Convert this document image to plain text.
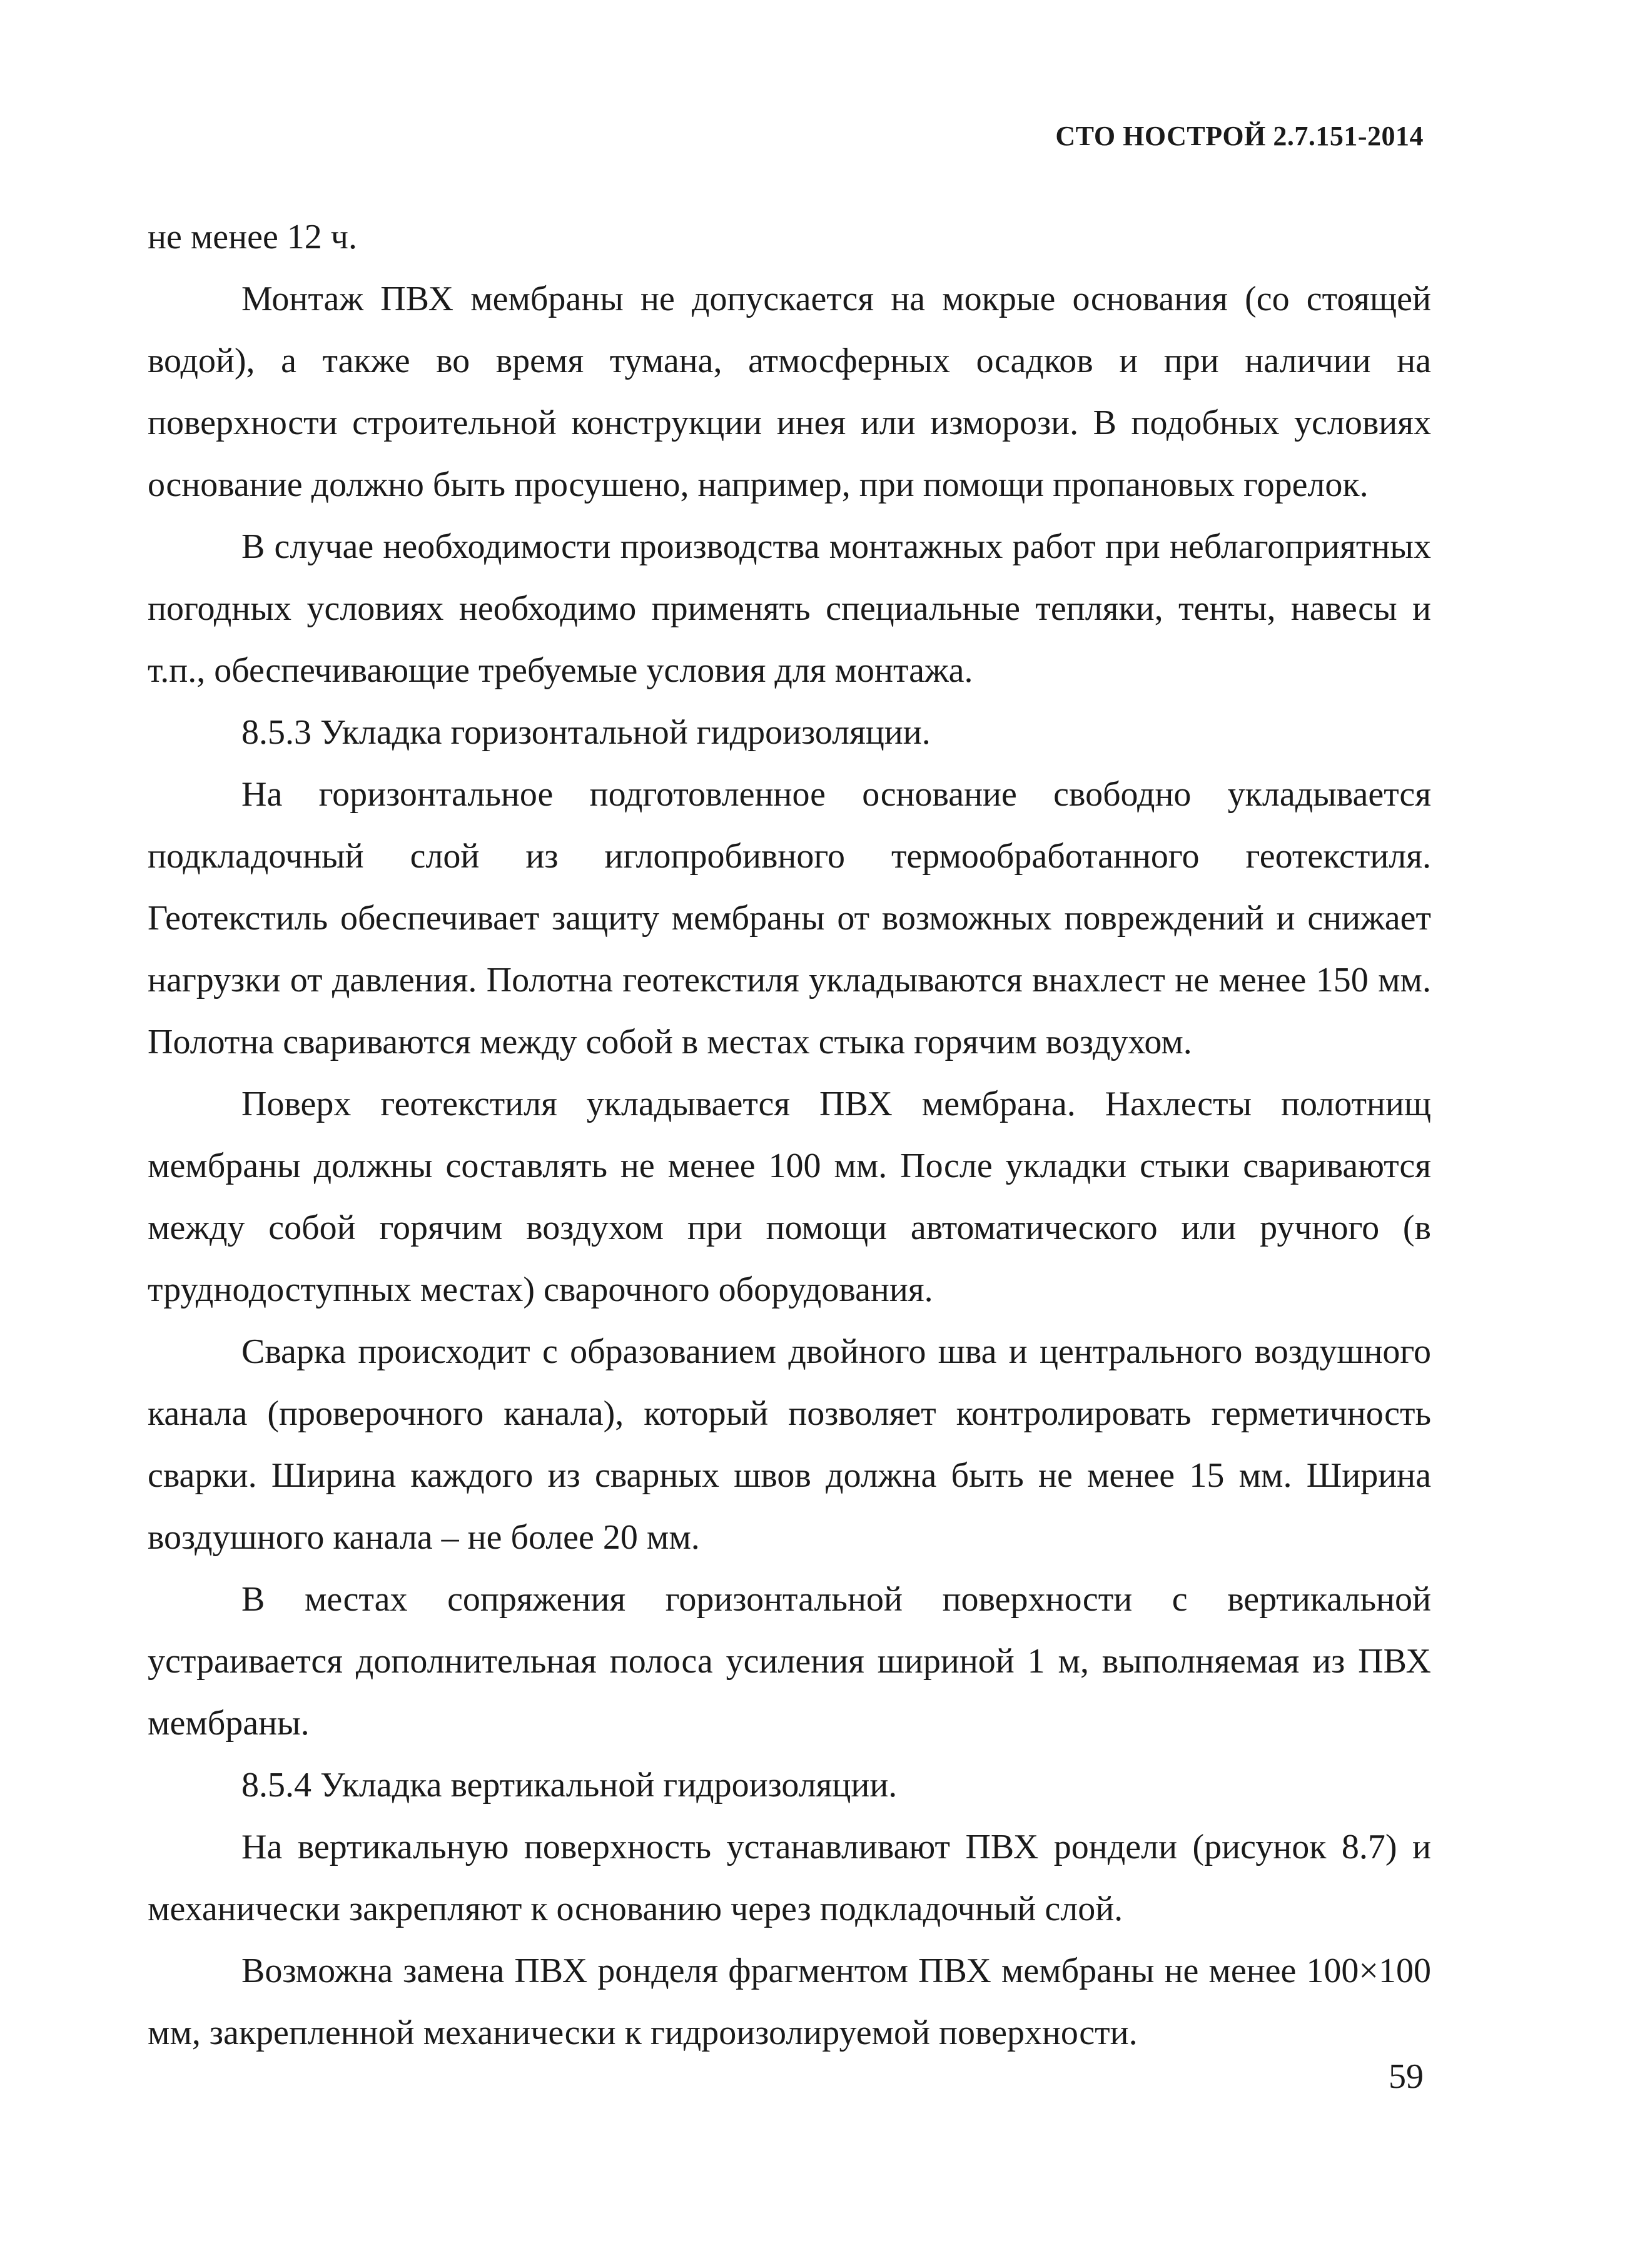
СТО НОСТРОЙ 2.7.151-2014

не менее 12 ч.

Монтаж ПВХ мембраны не допускается на мокрые основания (со стоящей водой), а также во время тумана, атмосферных осадков и при наличии на поверхности строительной конструкции инея или изморози. В подобных условиях основание должно быть просушено, например, при помощи пропановых горелок.

В случае необходимости производства монтажных работ при неблагоприятных погодных условиях необходимо применять специальные тепляки, тенты, навесы и т.п., обеспечивающие требуемые условия для монтажа.

8.5.3 Укладка горизонтальной гидроизоляции.

На горизонтальное подготовленное основание свободно укладывается подкладочный слой из иглопробивного термообработанного геотекстиля. Геотекстиль обеспечивает защиту мембраны от возможных повреждений и снижает нагрузки от давления. Полотна геотекстиля укладываются внахлест не менее 150 мм. Полотна свариваются между собой в местах стыка горячим воздухом.

Поверх геотекстиля укладывается ПВХ мембрана. Нахлесты полотнищ мембраны должны составлять не менее 100 мм. После укладки стыки свариваются между собой горячим воздухом при помощи автоматического или ручного (в труднодоступных местах) сварочного оборудования.

Сварка происходит с образованием двойного шва и центрального воздушного канала (проверочного канала), который позволяет контролировать герметичность сварки. Ширина каждого из сварных швов должна быть не менее 15 мм. Ширина воздушного канала – не более 20 мм.

В местах сопряжения горизонтальной поверхности с вертикальной устраивается дополнительная полоса усиления шириной 1 м, выполняемая из ПВХ мембраны.

8.5.4 Укладка вертикальной гидроизоляции.

На вертикальную поверхность устанавливают ПВХ рондели (рисунок 8.7) и механически закрепляют к основанию через подкладочный слой.

Возможна замена ПВХ ронделя фрагментом ПВХ мембраны не менее 100×100 мм, закрепленной механически к гидроизолируемой поверхности.

59
